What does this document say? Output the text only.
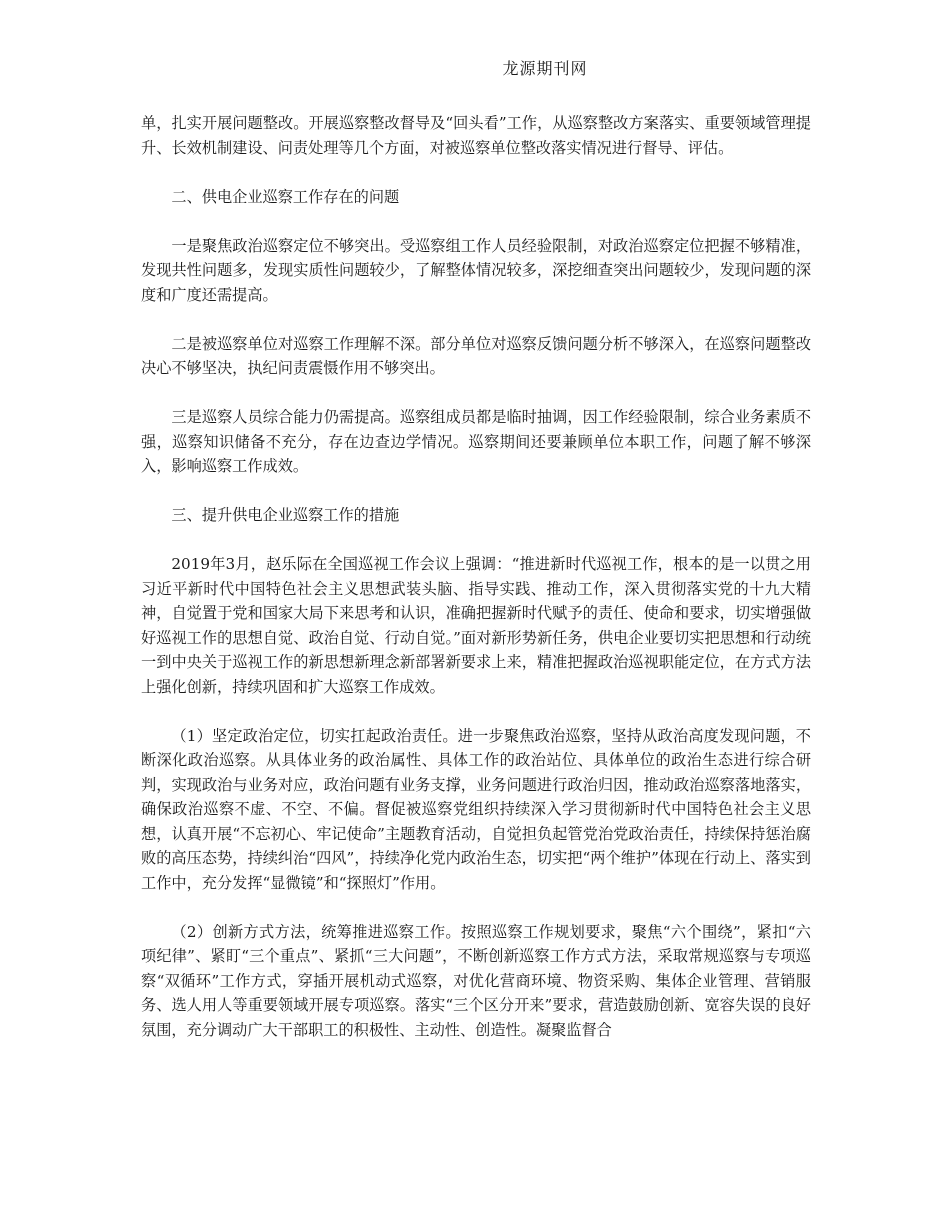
龙源期刊网

单，扎实开展问题整改。开展巡察整改督导及“回头看”工作，从巡察整改方案落实、重要领域管理提升、长效机制建设、问责处理等几个方面，对被巡察单位整改落实情况进行督导、评估。

二、供电企业巡察工作存在的问题

一是聚焦政治巡察定位不够突出。受巡察组工作人员经验限制，对政治巡察定位把握不够精准，发现共性问题多，发现实质性问题较少，了解整体情况较多，深挖细查突出问题较少，发现问题的深度和广度还需提高。

二是被巡察单位对巡察工作理解不深。部分单位对巡察反馈问题分析不够深入，在巡察问题整改决心不够坚决，执纪问责震慑作用不够突出。

三是巡察人员综合能力仍需提高。巡察组成员都是临时抽调，因工作经验限制，综合业务素质不强，巡察知识储备不充分，存在边查边学情况。巡察期间还要兼顾单位本职工作，问题了解不够深入，影响巡察工作成效。

三、提升供电企业巡察工作的措施

2019年3月，赵乐际在全国巡视工作会议上强调：“推进新时代巡视工作，根本的是一以贯之用习近平新时代中国特色社会主义思想武装头脑、指导实践、推动工作，深入贯彻落实党的十九大精神，自觉置于党和国家大局下来思考和认识，准确把握新时代赋予的责任、使命和要求，切实增强做好巡视工作的思想自觉、政治自觉、行动自觉。”面对新形势新任务，供电企业要切实把思想和行动统一到中央关于巡视工作的新思想新理念新部署新要求上来，精准把握政治巡视职能定位，在方式方法上强化创新，持续巩固和扩大巡察工作成效。

（1）坚定政治定位，切实扛起政治责任。进一步聚焦政治巡察，坚持从政治高度发现问题，不断深化政治巡察。从具体业务的政治属性、具体工作的政治站位、具体单位的政治生态进行综合研判，实现政治与业务对应，政治问题有业务支撑，业务问题进行政治归因，推动政治巡察落地落实，确保政治巡察不虚、不空、不偏。督促被巡察党组织持续深入学习贯彻新时代中国特色社会主义思想，认真开展“不忘初心、牢记使命”主题教育活动，自觉担负起管党治党政治责任，持续保持惩治腐败的高压态势，持续纠治“四风”，持续净化党内政治生态，切实把“两个维护”体现在行动上、落实到工作中，充分发挥“显微镜”和“探照灯”作用。

（2）创新方式方法，统筹推进巡察工作。按照巡察工作规划要求，聚焦“六个围绕”，紧扣“六项纪律”、紧盯“三个重点”、紧抓“三大问题”，不断创新巡察工作方式方法，采取常规巡察与专项巡察“双循环”工作方式，穿插开展机动式巡察，对优化营商环境、物资采购、集体企业管理、营销服务、选人用人等重要领域开展专项巡察。落实“三个区分开来”要求，营造鼓励创新、宽容失误的良好氛围，充分调动广大干部职工的积极性、主动性、创造性。凝聚监督合
